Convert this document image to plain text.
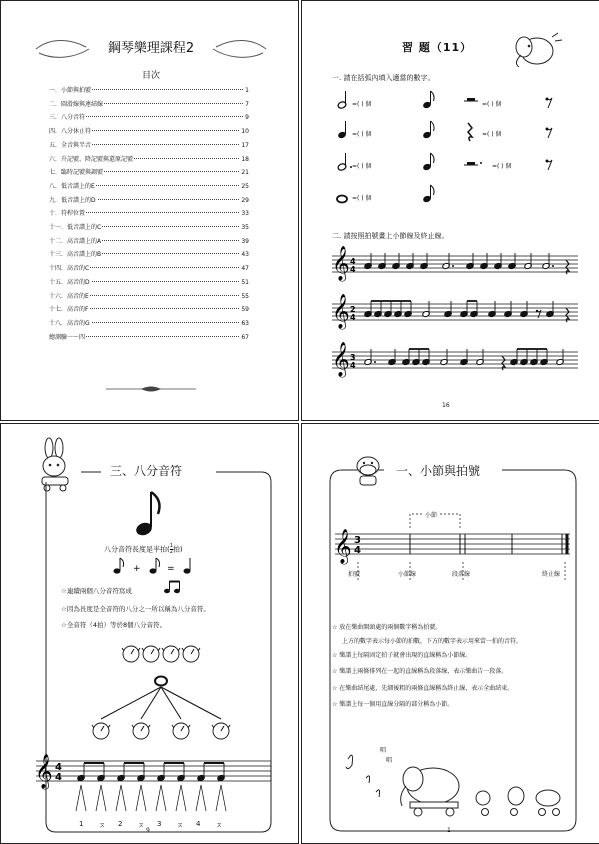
鋼琴樂理課程2
目次
一．小節與拍號	1
二．圓滑線與連結線	7
三．八分音符	9
四．八分休止符	10
五．全音與半音	17
六．升記號、降記號與還原記號	18
七．臨時記號與調號	21
八．低音譜上的E	25
九．低音譜上的D	29
十．符桿位置	33
十一．低音譜上的C	35
十二．高音譜上的A	39
十三．高音譜上的B	43
十四．高音的C	47
十五．高音的D	51
十六．高音的E	55
十七．高音的F	59
十八．高音的G	63
總測驗一～四	67
習 題（11）
一. 請在括弧內填入適當的數字。
=( ) 個	=( ) 個
=( ) 個	=( ) 個
=( ) 個	=( ) 個
=( ) 個
二. 請按照拍號畫上小節線及終止線。
𝄞 4
4
𝄞 2
4
𝄞 3
4
16
三、八分音符
八分音符長度是半拍($\frac{1}{2}$ 拍)
+	=
☆連續兩個八分音符寫成
☆因為長度是全音符的八分之一所以稱為八分音符。
☆全音符（4拍）等於8個八分音符。
𝄞 4
4
9
1 ㄡ 2 ㄡ 3 ㄡ 4 ㄡ
一、小節與拍號
𝄞 3
4
小節
拍號	小節線	段落線	終止線
☆ 放在樂曲開頭處的兩個數字稱為拍號。
上方的數字表示每小節的拍數，下方的數字表示用來當一拍的音符。
☆ 樂譜上每隔固定拍子就會出現的直線稱為小節線。
☆ 樂譜上兩條排列在一起的直線稱為段落線，表示樂曲告一段落。
☆ 在樂曲結尾處，先細後粗的兩條直線稱為終止線，表示全曲結束。
☆ 樂譜上每一個用直線分隔的部分稱為小節。
唱
唱
1
